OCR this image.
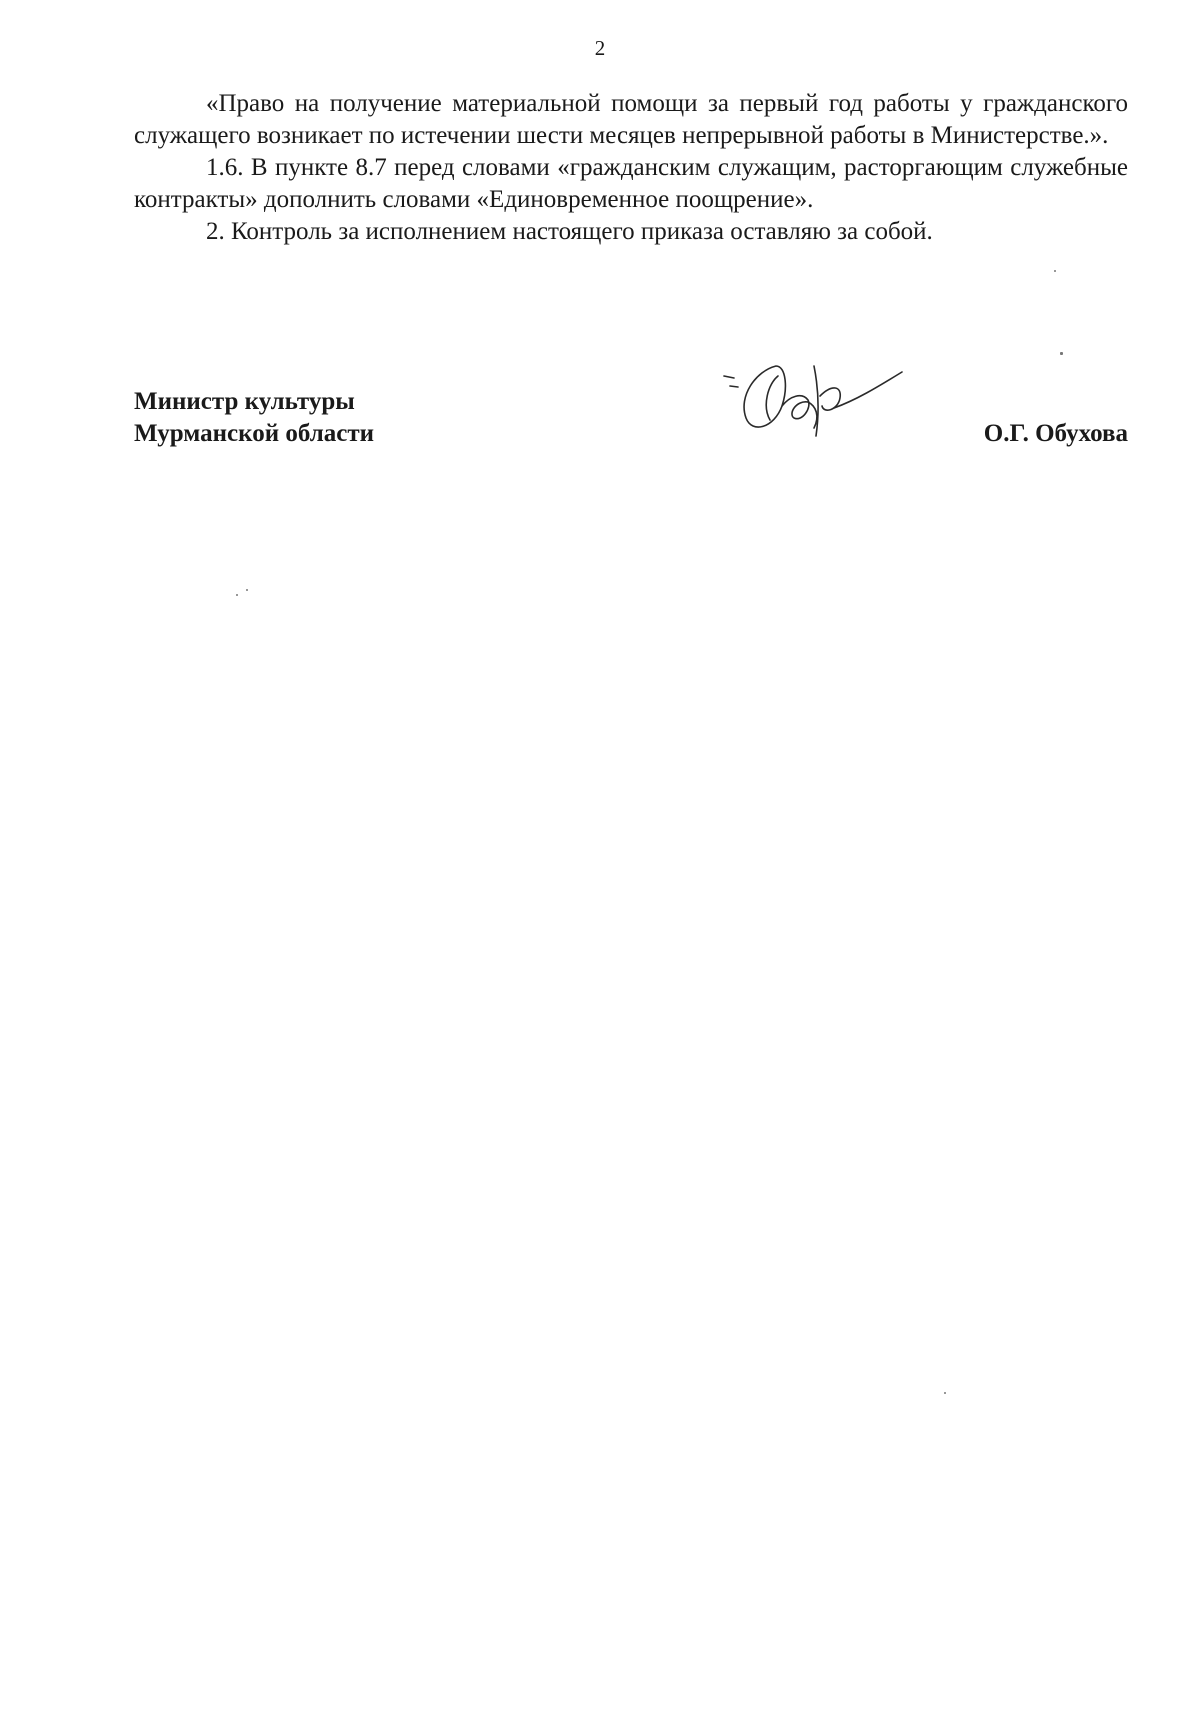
2

«Право на получение материальной помощи за первый год работы у гражданского служащего возникает по истечении шести месяцев непрерывной работы в Министерстве.».

1.6. В пункте 8.7 перед словами «гражданским служащим, расторгающим служебные контракты» дополнить словами «Единовременное поощрение».

2. Контроль за исполнением настоящего приказа оставляю за собой.

Министр культуры
Мурманской области	О.Г. Обухова
